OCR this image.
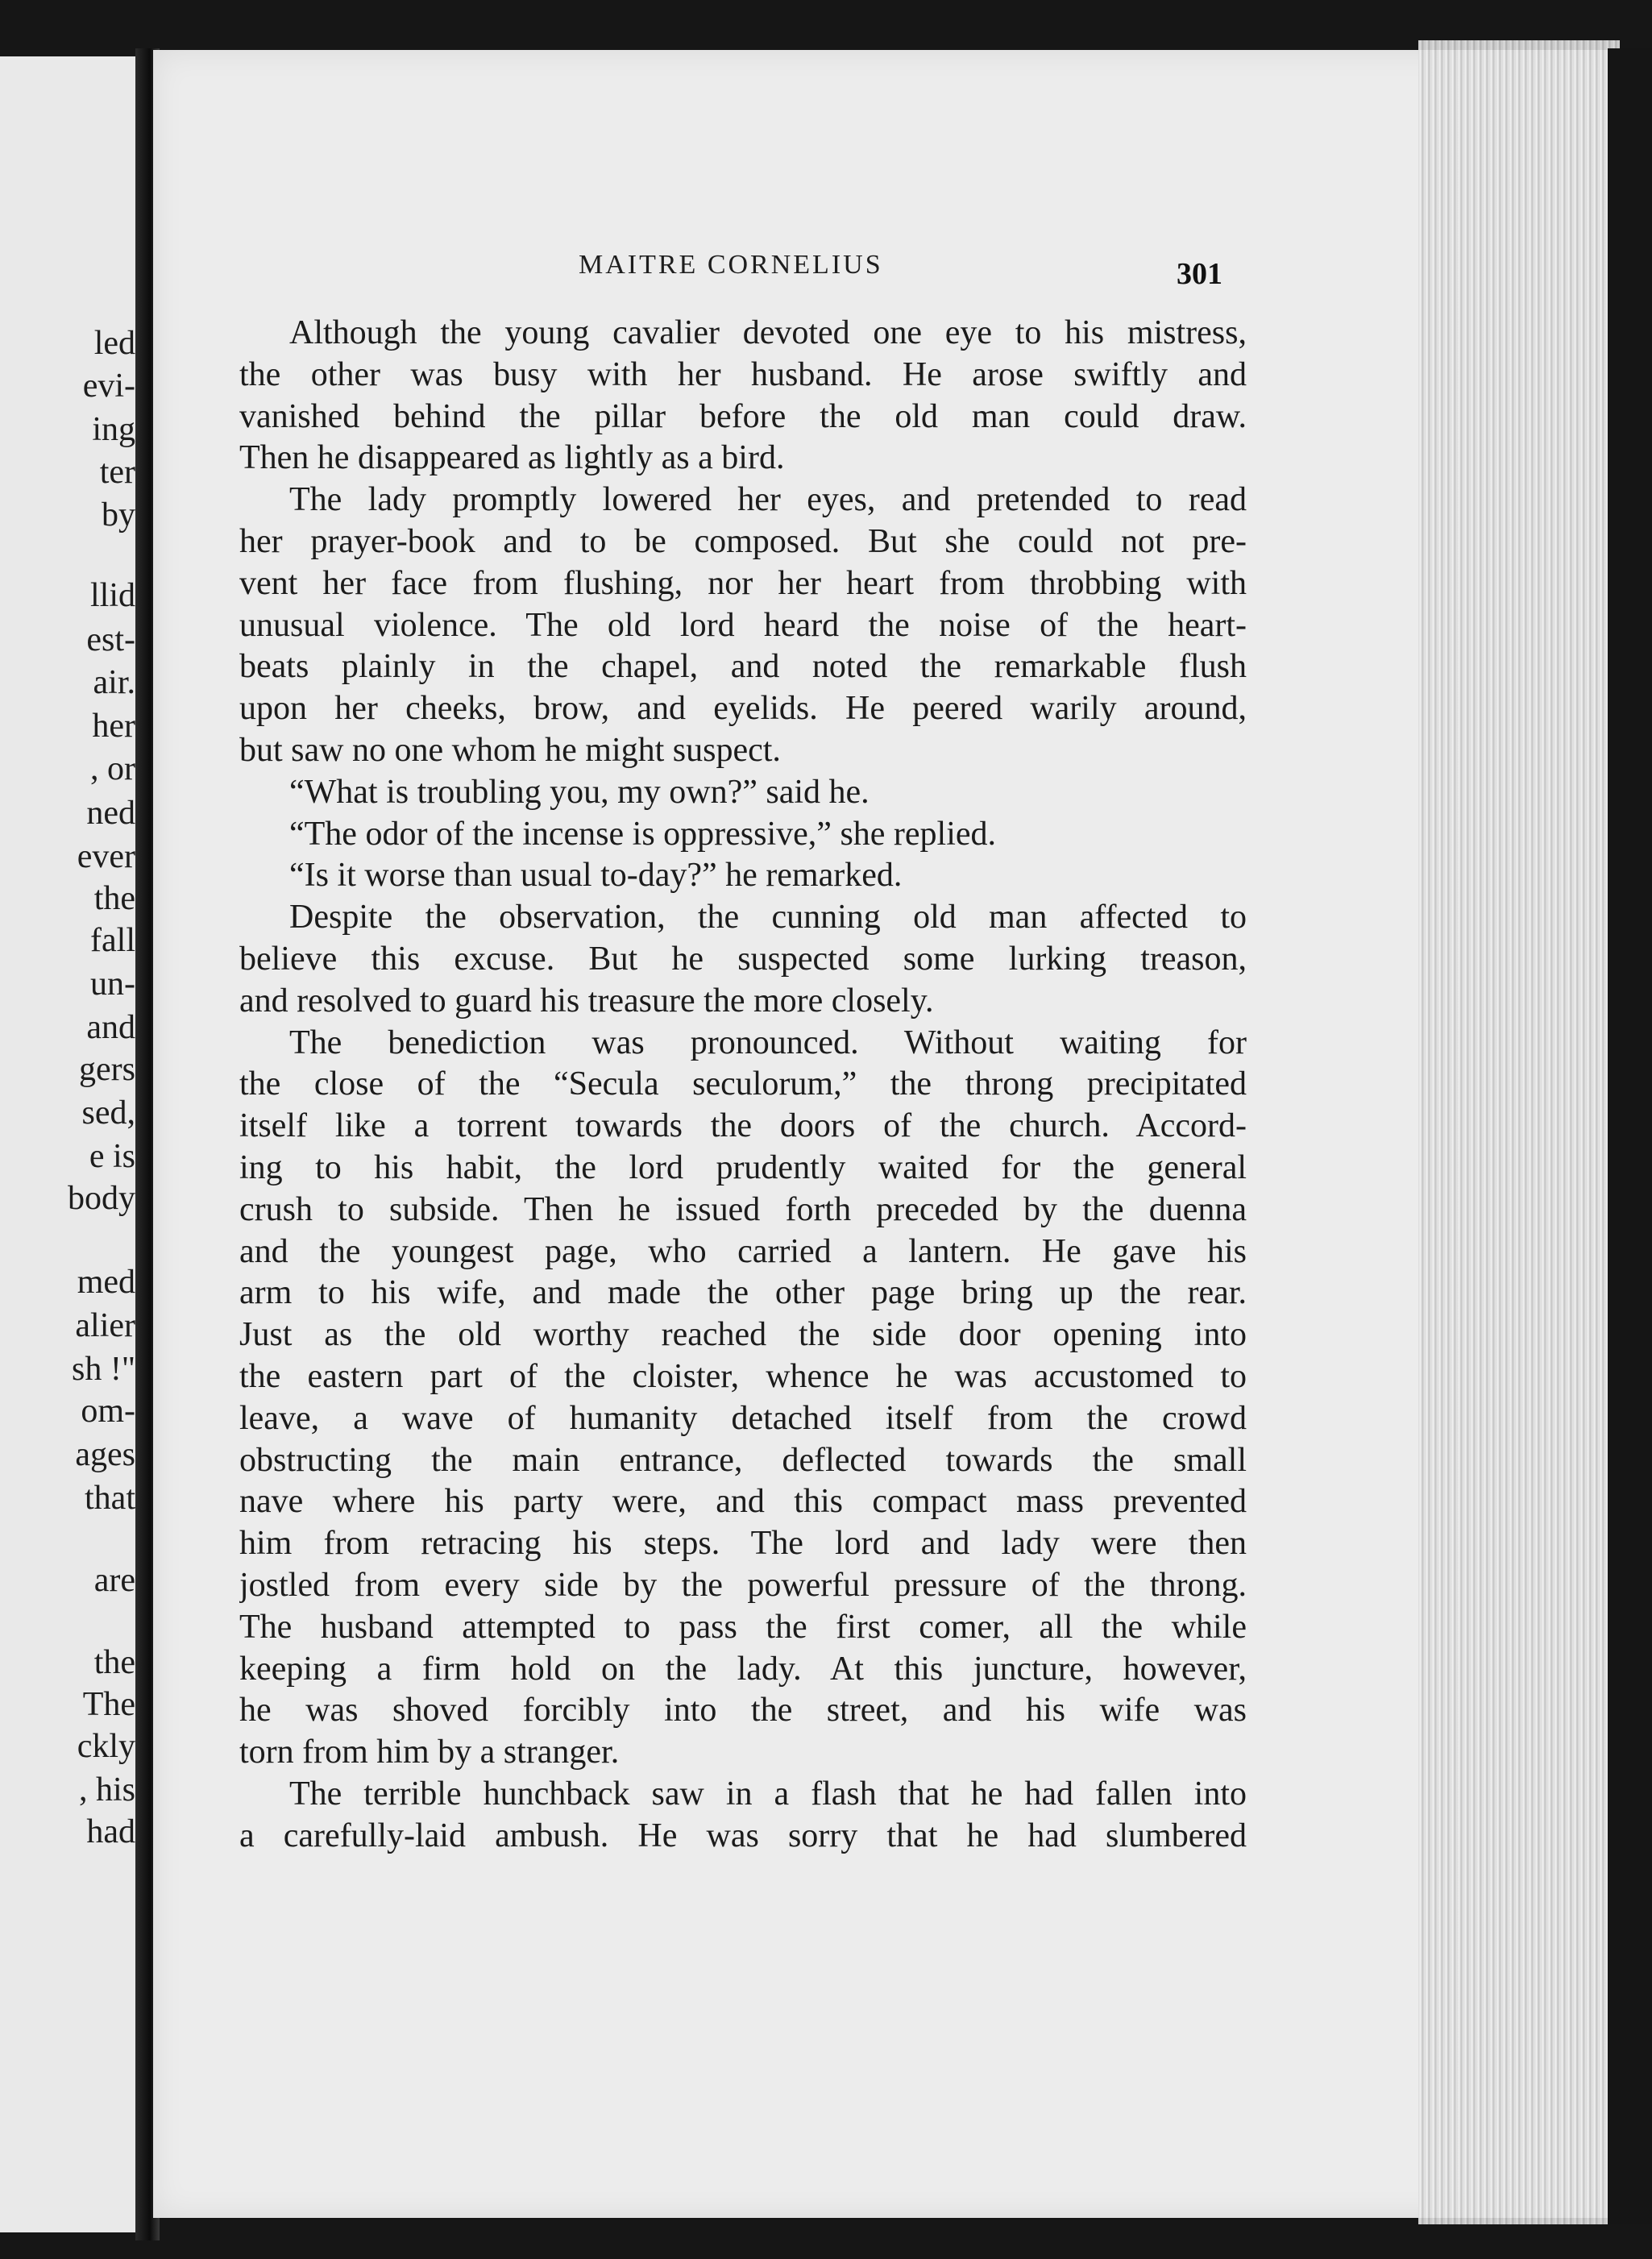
led
evi-
ing
ter
by
llid
est-
air.
her
, or
ned
ever
the
fall
un-
and
gers
sed,
e is
body
med
alier
sh !"
om-
ages
that
are
the
The
ckly
, his
had
MAITRE CORNELIUS	301
Although the young cavalier devoted one eye to his mistress,
the other was busy with her husband. He arose swiftly and
vanished behind the pillar before the old man could draw.
Then he disappeared as lightly as a bird.
The lady promptly lowered her eyes, and pretended to read
her prayer-book and to be composed. But she could not pre-
vent her face from flushing, nor her heart from throbbing with
unusual violence. The old lord heard the noise of the heart-
beats plainly in the chapel, and noted the remarkable flush
upon her cheeks, brow, and eyelids. He peered warily around,
but saw no one whom he might suspect.
“What is troubling you, my own?” said he.
“The odor of the incense is oppressive,” she replied.
“Is it worse than usual to-day?” he remarked.
Despite the observation, the cunning old man affected to
believe this excuse. But he suspected some lurking treason,
and resolved to guard his treasure the more closely.
The benediction was pronounced. Without waiting for
the close of the “Secula seculorum,” the throng precipitated
itself like a torrent towards the doors of the church. Accord-
ing to his habit, the lord prudently waited for the general
crush to subside. Then he issued forth preceded by the duenna
and the youngest page, who carried a lantern. He gave his
arm to his wife, and made the other page bring up the rear.
Just as the old worthy reached the side door opening into
the eastern part of the cloister, whence he was accustomed to
leave, a wave of humanity detached itself from the crowd
obstructing the main entrance, deflected towards the small
nave where his party were, and this compact mass prevented
him from retracing his steps. The lord and lady were then
jostled from every side by the powerful pressure of the throng.
The husband attempted to pass the first comer, all the while
keeping a firm hold on the lady. At this juncture, however,
he was shoved forcibly into the street, and his wife was
torn from him by a stranger.
The terrible hunchback saw in a flash that he had fallen into
a carefully-laid ambush. He was sorry that he had slumbered
